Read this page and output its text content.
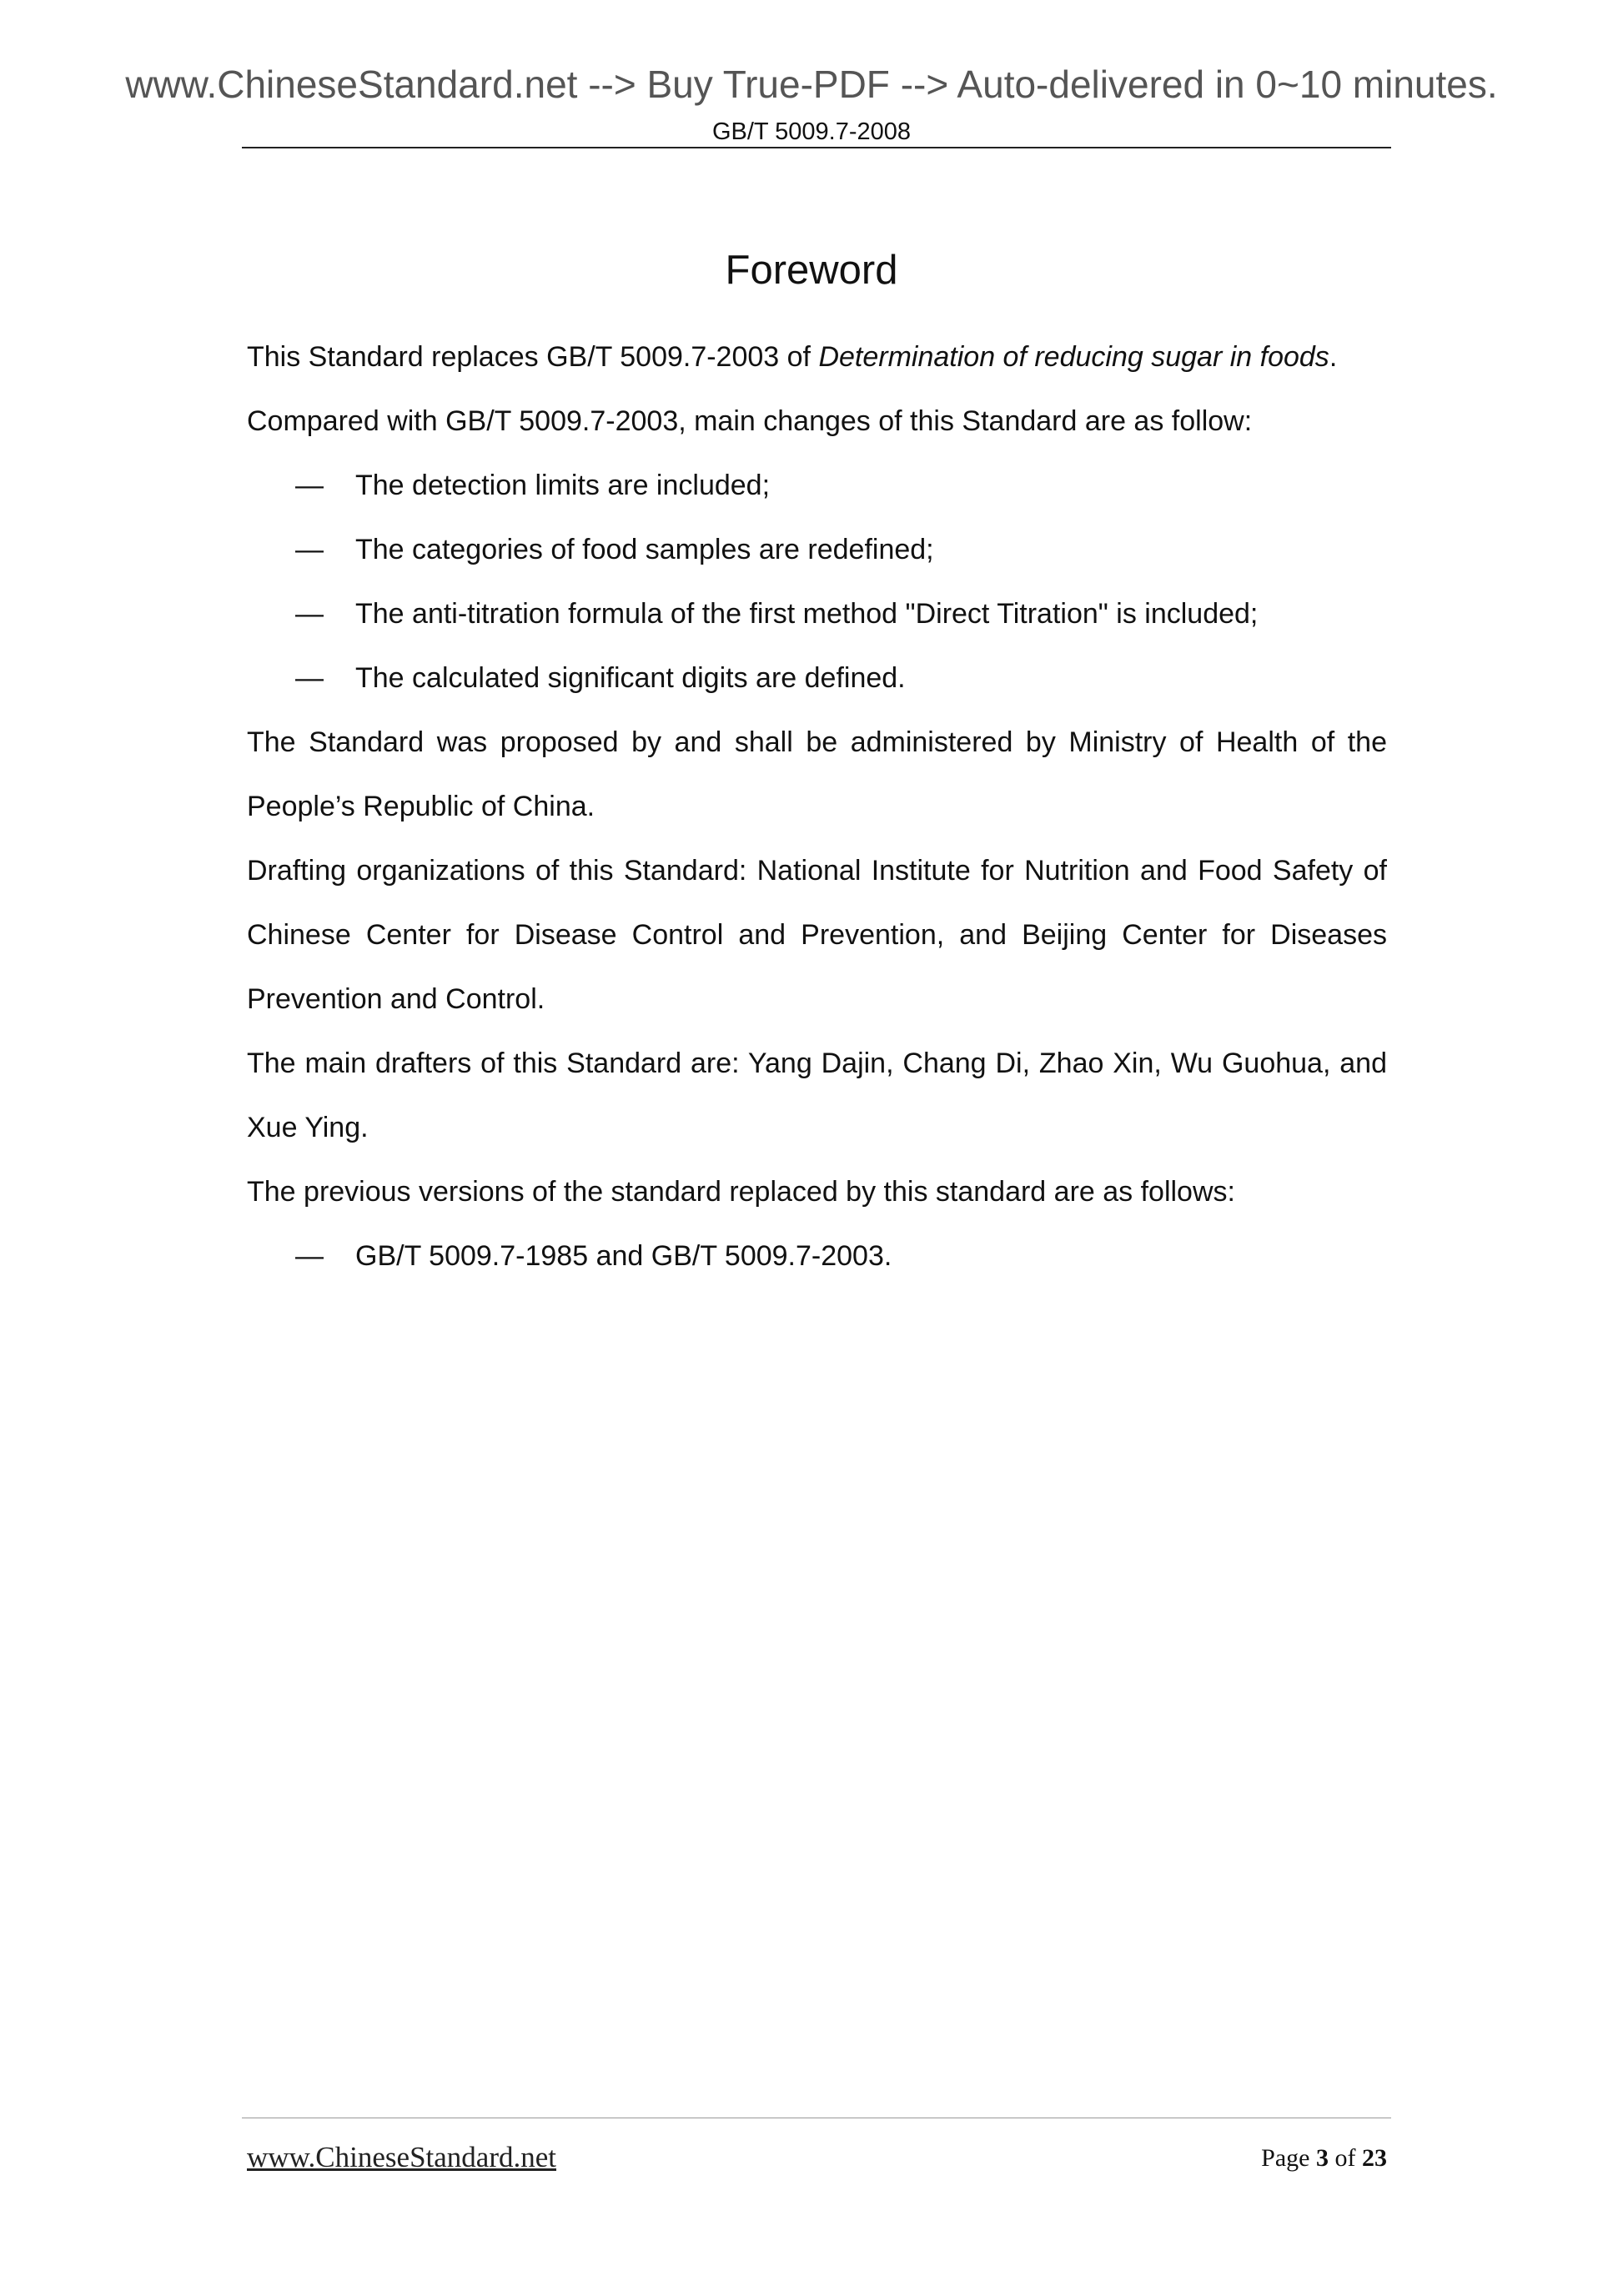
www.ChineseStandard.net --> Buy True-PDF --> Auto-delivered in 0~10 minutes.
GB/T 5009.7-2008
Foreword

This Standard replaces GB/T 5009.7-2003 of Determination of reducing sugar in foods.

Compared with GB/T 5009.7-2003, main changes of this Standard are as follow:

— The detection limits are included;
— The categories of food samples are redefined;
— The anti-titration formula of the first method "Direct Titration" is included;
— The calculated significant digits are defined.

The Standard was proposed by and shall be administered by Ministry of Health of the People’s Republic of China.

Drafting organizations of this Standard: National Institute for Nutrition and Food Safety of Chinese Center for Disease Control and Prevention, and Beijing Center for Diseases Prevention and Control.

The main drafters of this Standard are: Yang Dajin, Chang Di, Zhao Xin, Wu Guohua, and Xue Ying.

The previous versions of the standard replaced by this standard are as follows:

— GB/T 5009.7-1985 and GB/T 5009.7-2003.
www.ChineseStandard.net	Page 3 of 23
